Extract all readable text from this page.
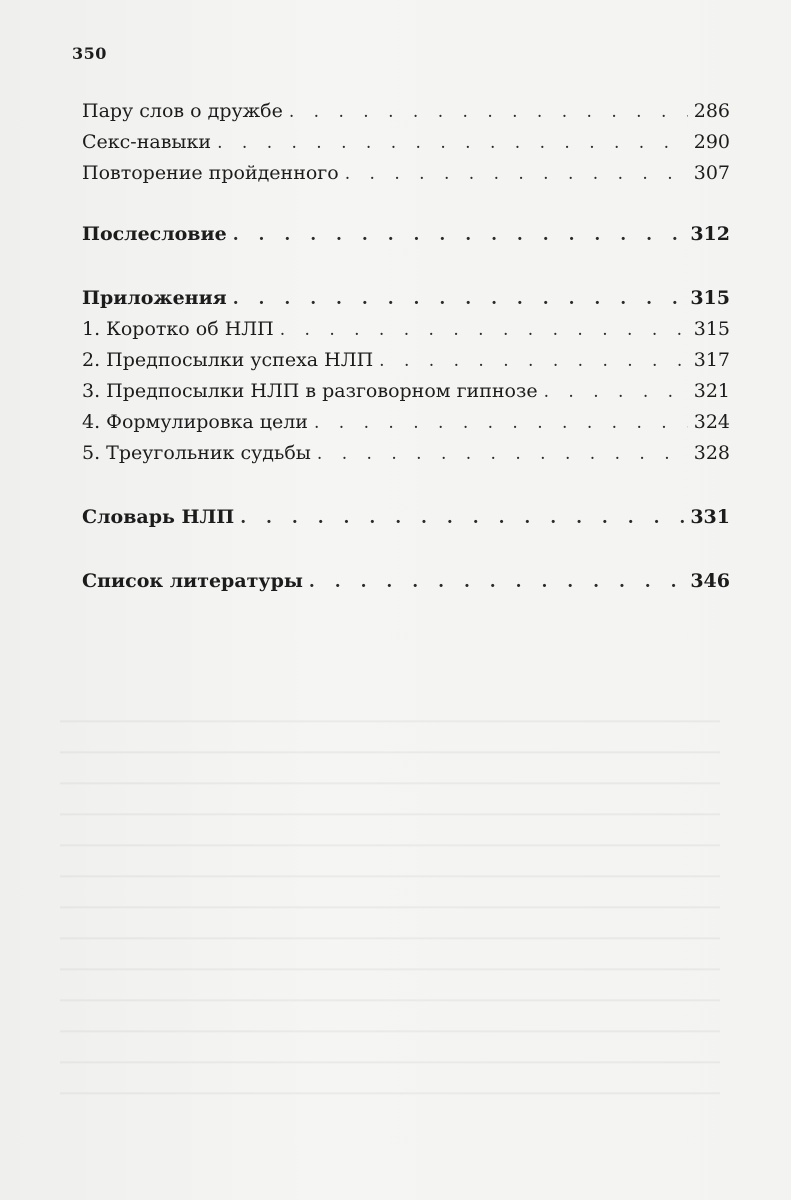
350
Пару слов о дружбе . . .	286
Секс-навыки . . .	290
Повторение пройденного . . .	307
Послесловие . . .	312
Приложения . . .	315
1. Коротко об НЛП . . .	315
2. Предпосылки успеха НЛП . . .	317
3. Предпосылки НЛП в разговорном гипнозе . . .	321
4. Формулировка цели . . .	324
5. Треугольник судьбы . . .	328
Словарь НЛП . . .	331
Список литературы . . .	346
